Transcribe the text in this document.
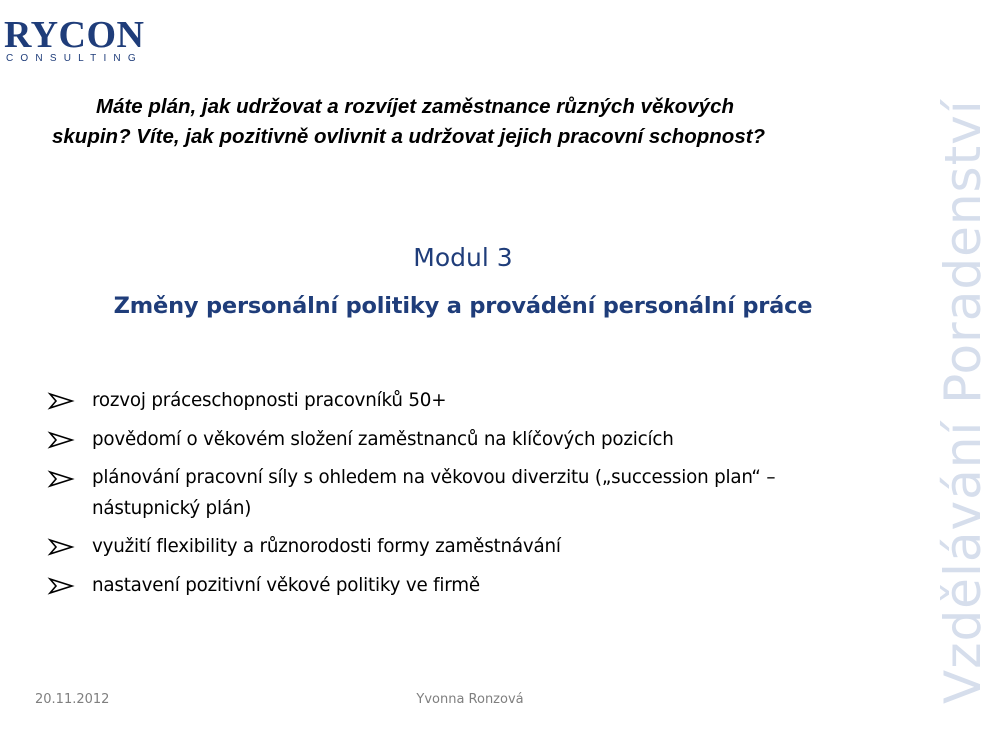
RYCON
CONSULTING

Máte plán, jak udržovat a rozvíjet zaměstnance různých věkových
skupin? Víte, jak pozitivně ovlivnit a udržovat jejich pracovní schopnost?

Modul 3

Změny personální politiky a provádění personální práce

rozvoj práceschopnosti pracovníků 50+
povědomí o věkovém složení zaměstnanců na klíčových pozicích
plánování pracovní síly s ohledem na věkovou diverzitu („succession plan“ – nástupnický plán)
využití flexibility a různorodosti formy zaměstnávání
nastavení pozitivní věkové politiky ve firmě	Vzdělávání Poradenství
20.11.2012	Yvonna Ronzová
